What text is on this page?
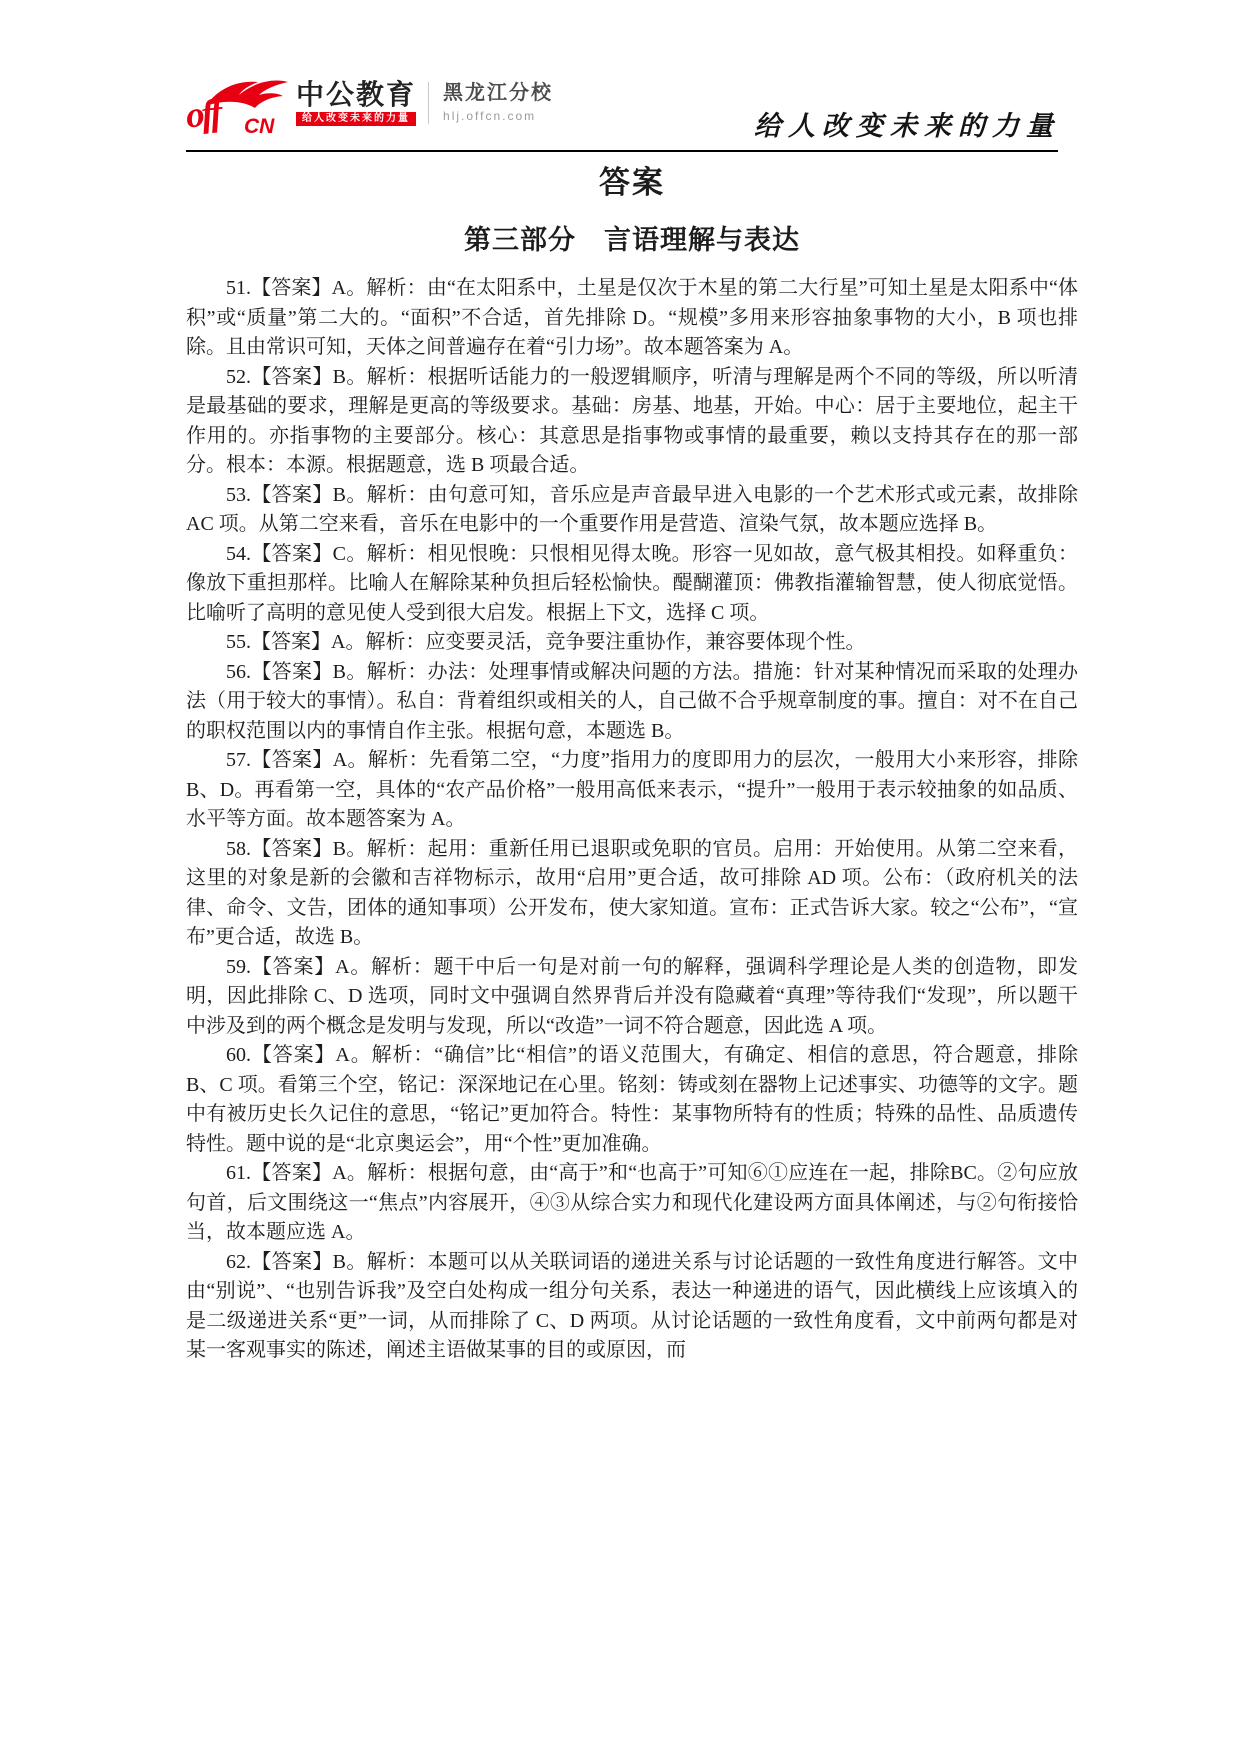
off CN
中公教育
给人改变未来的力量
黑龙江分校
hlj.offcn.com	给人改变未来的力量
答案
第三部分　言语理解与表达

51.【答案】A。解析：由“在太阳系中，土星是仅次于木星的第二大行星”可知土星是太阳系中“体积”或“质量”第二大的。“面积”不合适，首先排除 D。“规模”多用来形容抽象事物的大小，B 项也排除。且由常识可知，天体之间普遍存在着“引力场”。故本题答案为 A。

52.【答案】B。解析：根据听话能力的一般逻辑顺序，听清与理解是两个不同的等级，所以听清是最基础的要求，理解是更高的等级要求。基础：房基、地基，开始。中心：居于主要地位，起主干作用的。亦指事物的主要部分。核心：其意思是指事物或事情的最重要，赖以支持其存在的那一部分。根本：本源。根据题意，选 B 项最合适。

53.【答案】B。解析：由句意可知，音乐应是声音最早进入电影的一个艺术形式或元素，故排除 AC 项。从第二空来看，音乐在电影中的一个重要作用是营造、渲染气氛，故本题应选择 B。

54.【答案】C。解析：相见恨晚：只恨相见得太晚。形容一见如故，意气极其相投。如释重负：像放下重担那样。比喻人在解除某种负担后轻松愉快。醍醐灌顶：佛教指灌输智慧，使人彻底觉悟。比喻听了高明的意见使人受到很大启发。根据上下文，选择 C 项。

55.【答案】A。解析：应变要灵活，竞争要注重协作，兼容要体现个性。

56.【答案】B。解析：办法：处理事情或解决问题的方法。措施：针对某种情况而采取的处理办法（用于较大的事情）。私自：背着组织或相关的人，自己做不合乎规章制度的事。擅自：对不在自己的职权范围以内的事情自作主张。根据句意，本题选 B。

57.【答案】A。解析：先看第二空，“力度”指用力的度即用力的层次，一般用大小来形容，排除 B、D。再看第一空，具体的“农产品价格”一般用高低来表示，“提升”一般用于表示较抽象的如品质、水平等方面。故本题答案为 A。

58.【答案】B。解析：起用：重新任用已退职或免职的官员。启用：开始使用。从第二空来看，这里的对象是新的会徽和吉祥物标示，故用“启用”更合适，故可排除 AD 项。公布：（政府机关的法律、命令、文告，团体的通知事项）公开发布，使大家知道。宣布：正式告诉大家。较之“公布”，“宣布”更合适，故选 B。

59.【答案】A。解析：题干中后一句是对前一句的解释，强调科学理论是人类的创造物，即发明，因此排除 C、D 选项，同时文中强调自然界背后并没有隐藏着“真理”等待我们“发现”，所以题干中涉及到的两个概念是发明与发现，所以“改造”一词不符合题意，因此选 A 项。

60.【答案】A。解析：“确信”比“相信”的语义范围大，有确定、相信的意思，符合题意，排除 B、C 项。看第三个空，铭记：深深地记在心里。铭刻：铸或刻在器物上记述事实、功德等的文字。题中有被历史长久记住的意思，“铭记”更加符合。特性：某事物所特有的性质；特殊的品性、品质遗传特性。题中说的是“北京奥运会”，用“个性”更加准确。

61.【答案】A。解析：根据句意，由“高于”和“也高于”可知⑥①应连在一起，排除BC。②句应放句首，后文围绕这一“焦点”内容展开，④③从综合实力和现代化建设两方面具体阐述，与②句衔接恰当，故本题应选 A。

62.【答案】B。解析：本题可以从关联词语的递进关系与讨论话题的一致性角度进行解答。文中由“别说”、“也别告诉我”及空白处构成一组分句关系，表达一种递进的语气，因此横线上应该填入的是二级递进关系“更”一词，从而排除了 C、D 两项。从讨论话题的一致性角度看，文中前两句都是对某一客观事实的陈述，阐述主语做某事的目的或原因，而
